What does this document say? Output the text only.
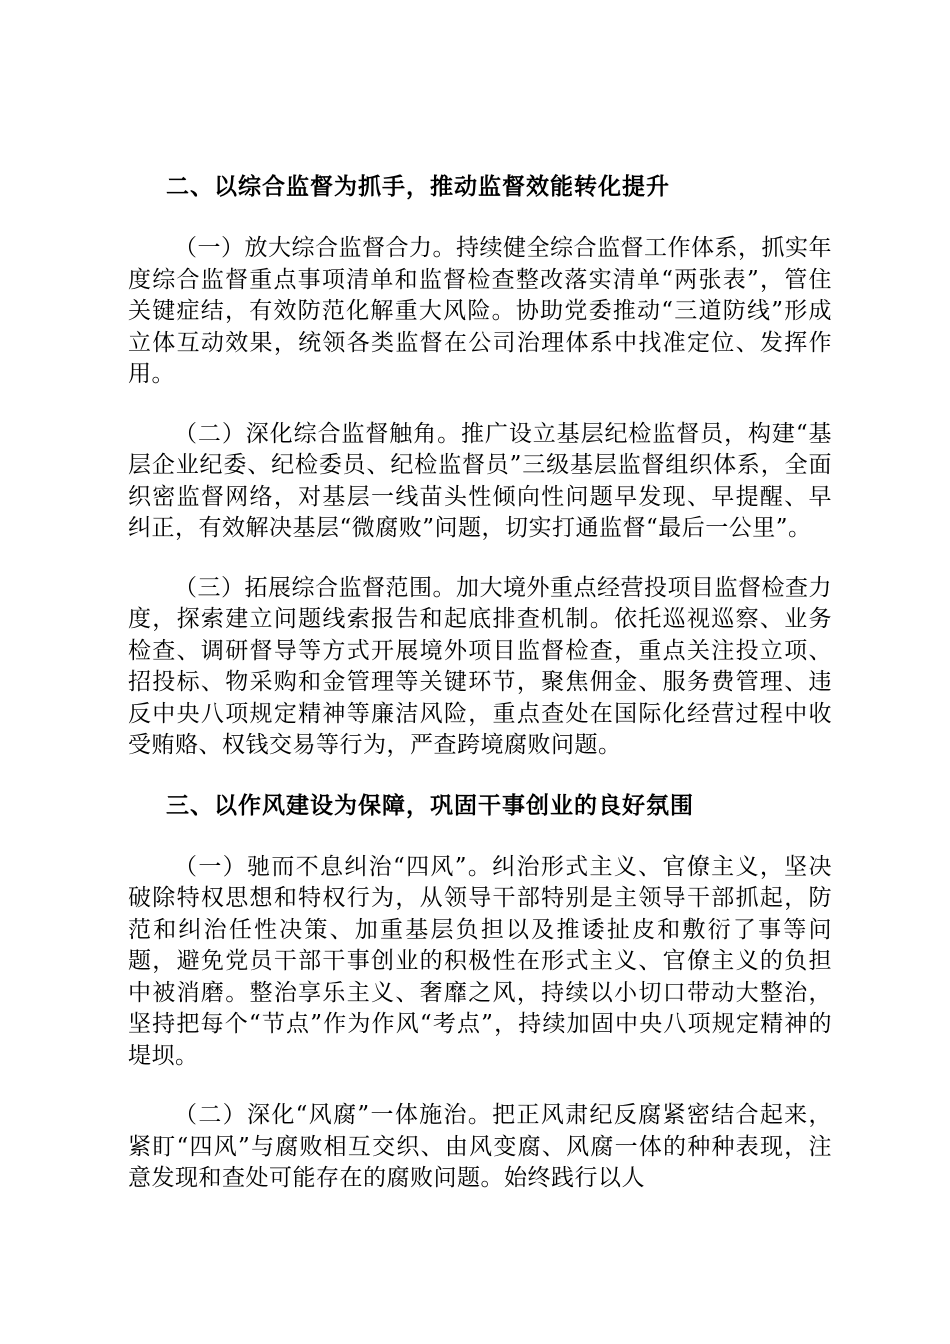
二、以综合监督为抓手，推动监督效能转化提升

（一）放大综合监督合力。持续健全综合监督工作体系，抓实年度综合监督重点事项清单和监督检查整改落实清单“两张表”，管住关键症结，有效防范化解重大风险。协助党委推动“三道防线”形成立体互动效果，统领各类监督在公司治理体系中找准定位、发挥作用。

（二）深化综合监督触角。推广设立基层纪检监督员，构建“基层企业纪委、纪检委员、纪检监督员”三级基层监督组织体系，全面织密监督网络，对基层一线苗头性倾向性问题早发现、早提醒、早纠正，有效解决基层“微腐败”问题，切实打通监督“最后一公里”。

（三）拓展综合监督范围。加大境外重点经营投项目监督检查力度，探索建立问题线索报告和起底排查机制。依托巡视巡察、业务检查、调研督导等方式开展境外项目监督检查，重点关注投立项、招投标、物采购和金管理等关键环节，聚焦佣金、服务费管理、违反中央八项规定精神等廉洁风险，重点查处在国际化经营过程中收受贿赂、权钱交易等行为，严查跨境腐败问题。

三、以作风建设为保障，巩固干事创业的良好氛围

（一）驰而不息纠治“四风”。纠治形式主义、官僚主义，坚决破除特权思想和特权行为，从领导干部特别是主领导干部抓起，防范和纠治任性决策、加重基层负担以及推诿扯皮和敷衍了事等问题，避免党员干部干事创业的积极性在形式主义、官僚主义的负担中被消磨。整治享乐主义、奢靡之风，持续以小切口带动大整治，坚持把每个“节点”作为作风“考点”，持续加固中央八项规定精神的堤坝。

（二）深化“风腐”一体施治。把正风肃纪反腐紧密结合起来，紧盯“四风”与腐败相互交织、由风变腐、风腐一体的种种表现，注意发现和查处可能存在的腐败问题。始终践行以人
